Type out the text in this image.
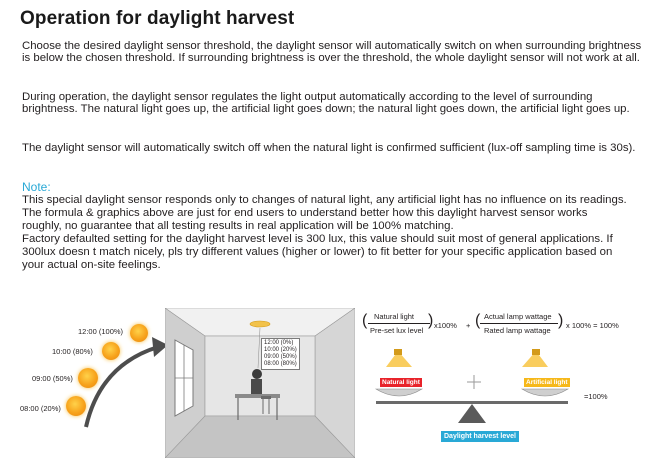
Operation for daylight harvest
Choose the desired daylight sensor threshold, the daylight sensor will automatically switch on when surrounding brightness is below the chosen threshold. If surrounding brightness is over the threshold, the whole daylight sensor will not work at all.
During operation, the daylight sensor regulates the light output automatically according to the level of surrounding brightness. The natural light goes up, the artificial light goes down; the natural light goes down, the artificial light goes up.
The daylight sensor will automatically switch off when the natural light is confirmed sufficient (lux-off sampling time is 30s).
Note:
This special daylight sensor responds only to changes of natural light, any artificial light has no influence on its readings.
The formula & graphics above are just for end users to understand better how this daylight harvest sensor works
roughly, no guarantee that all testing results in real application will be 100% matching.
Factory defaulted setting for the daylight harvest level is 300 lux, this value should suit most of general applications. If
300lux doesn t match nicely, pls try different values (higher or lower) to fit better for your specific application based on
your actual on-site feelings.
12:00 (100%)
10:00 (80%)
09:00 (50%)
08:00 (20%)
12:00 (0%)
10:00 (20%)
09:00 (50%)
08:00 (80%)
( Natural light
Pre-set lux level
) x100% + ( Actual lamp wattage
Rated lamp wattage
) x 100% = 100%
Natural light	Artificial light
=100%
Daylight harvest level
